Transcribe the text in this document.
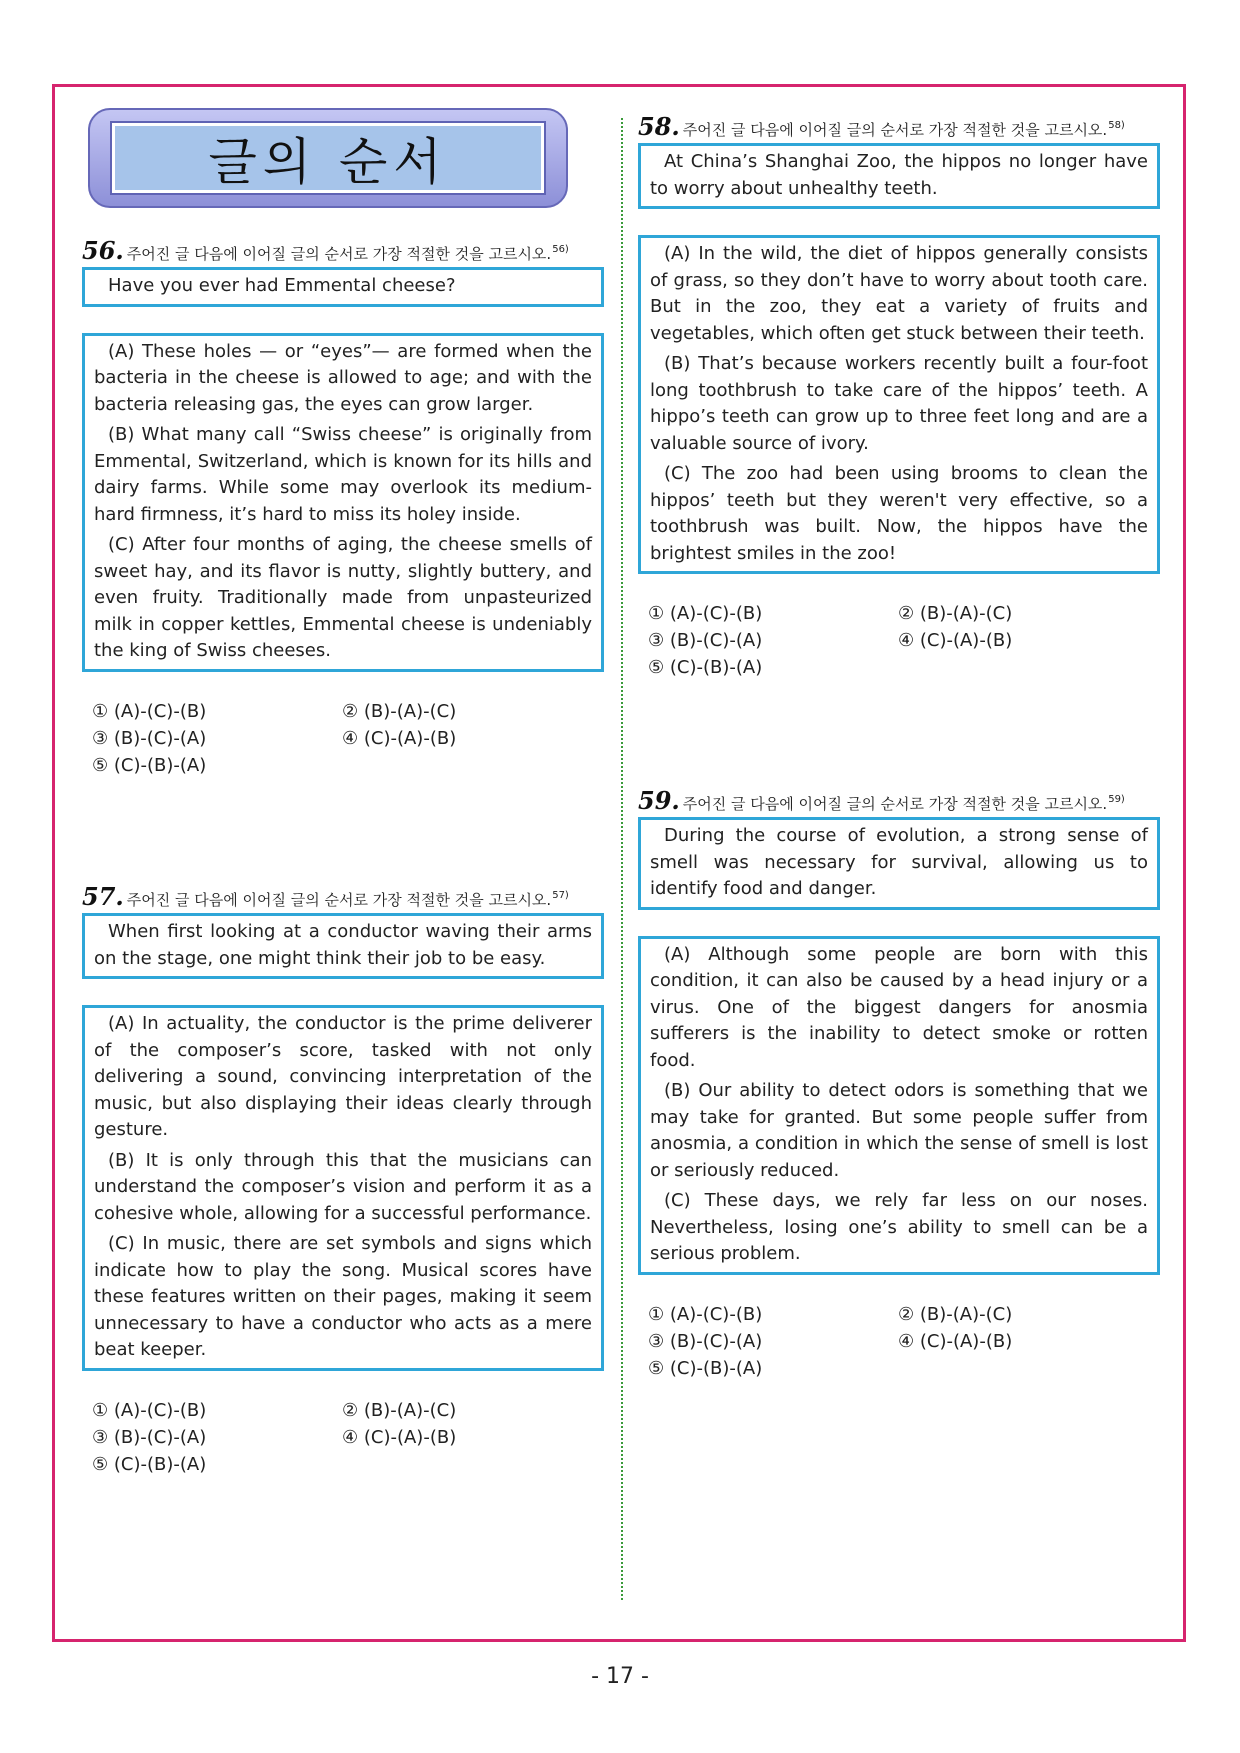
글의 순서
56. 주어진 글 다음에 이어질 글의 순서로 가장 적절한 것을 고르시오. 56)

Have you ever had Emmental cheese?

(A) These holes — or “eyes”— are formed when the bacteria in the cheese is allowed to age; and with the bacteria releasing gas, the eyes can grow larger.

(B) What many call “Swiss cheese” is originally from Emmental, Switzerland, which is known for its hills and dairy farms. While some may overlook its medium-hard firmness, it’s hard to miss its holey inside.

(C) After four months of aging, the cheese smells of sweet hay, and its flavor is nutty, slightly buttery, and even fruity. Traditionally made from unpasteurized milk in copper kettles, Emmental cheese is undeniably the king of Swiss cheeses.

① (A)-(C)-(B)	② (B)-(A)-(C)
③ (B)-(C)-(A)	④ (C)-(A)-(B)
⑤ (C)-(B)-(A)
57. 주어진 글 다음에 이어질 글의 순서로 가장 적절한 것을 고르시오. 57)

When first looking at a conductor waving their arms on the stage, one might think their job to be easy.

(A) In actuality, the conductor is the prime deliverer of the composer’s score, tasked with not only delivering a sound, convincing interpretation of the music, but also displaying their ideas clearly through gesture.

(B) It is only through this that the musicians can understand the composer’s vision and perform it as a cohesive whole, allowing for a successful performance.

(C) In music, there are set symbols and signs which indicate how to play the song. Musical scores have these features written on their pages, making it seem unnecessary to have a conductor who acts as a mere beat keeper.

① (A)-(C)-(B)	② (B)-(A)-(C)
③ (B)-(C)-(A)	④ (C)-(A)-(B)
⑤ (C)-(B)-(A)
58. 주어진 글 다음에 이어질 글의 순서로 가장 적절한 것을 고르시오. 58)

At China’s Shanghai Zoo, the hippos no longer have to worry about unhealthy teeth.

(A) In the wild, the diet of hippos generally consists of grass, so they don’t have to worry about tooth care. But in the zoo, they eat a variety of fruits and vegetables, which often get stuck between their teeth.

(B) That’s because workers recently built a four-foot long toothbrush to take care of the hippos’ teeth. A hippo’s teeth can grow up to three feet long and are a valuable source of ivory.

(C) The zoo had been using brooms to clean the hippos’ teeth but they weren't very effective, so a toothbrush was built. Now, the hippos have the brightest smiles in the zoo!

① (A)-(C)-(B)	② (B)-(A)-(C)
③ (B)-(C)-(A)	④ (C)-(A)-(B)
⑤ (C)-(B)-(A)
59. 주어진 글 다음에 이어질 글의 순서로 가장 적절한 것을 고르시오. 59)

During the course of evolution, a strong sense of smell was necessary for survival, allowing us to identify food and danger.

(A) Although some people are born with this condition, it can also be caused by a head injury or a virus. One of the biggest dangers for anosmia sufferers is the inability to detect smoke or rotten food.

(B) Our ability to detect odors is something that we may take for granted. But some people suffer from anosmia, a condition in which the sense of smell is lost or seriously reduced.

(C) These days, we rely far less on our noses. Nevertheless, losing one’s ability to smell can be a serious problem.

① (A)-(C)-(B)	② (B)-(A)-(C)
③ (B)-(C)-(A)	④ (C)-(A)-(B)
⑤ (C)-(B)-(A)
- 17 -
